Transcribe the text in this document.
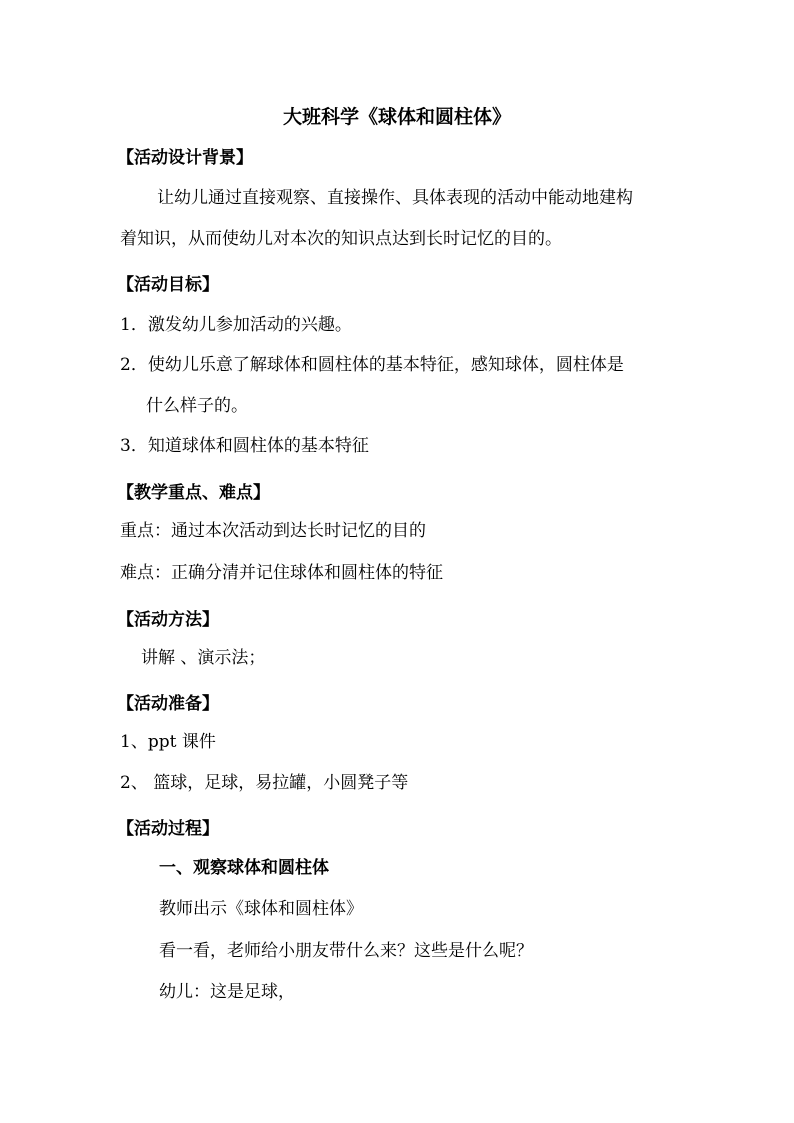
大班科学《球体和圆柱体》
【活动设计背景】
让幼儿通过直接观察、直接操作、具体表现的活动中能动地建构
着知识，从而使幼儿对本次的知识点达到长时记忆的目的。
【活动目标】
1．激发幼儿参加活动的兴趣。
2．使幼儿乐意了解球体和圆柱体的基本特征，感知球体，圆柱体是
什么样子的。
3．知道球体和圆柱体的基本特征
【教学重点、难点】
重点：通过本次活动到达长时记忆的目的
难点：正确分清并记住球体和圆柱体的特征
【活动方法】
讲解 、演示法；
【活动准备】
1、ppt 课件
2、 篮球，足球，易拉罐，小圆凳子等
【活动过程】
一、观察球体和圆柱体
教师出示《球体和圆柱体》
看一看，老师给小朋友带什么来？这些是什么呢？
幼儿：这是足球，
